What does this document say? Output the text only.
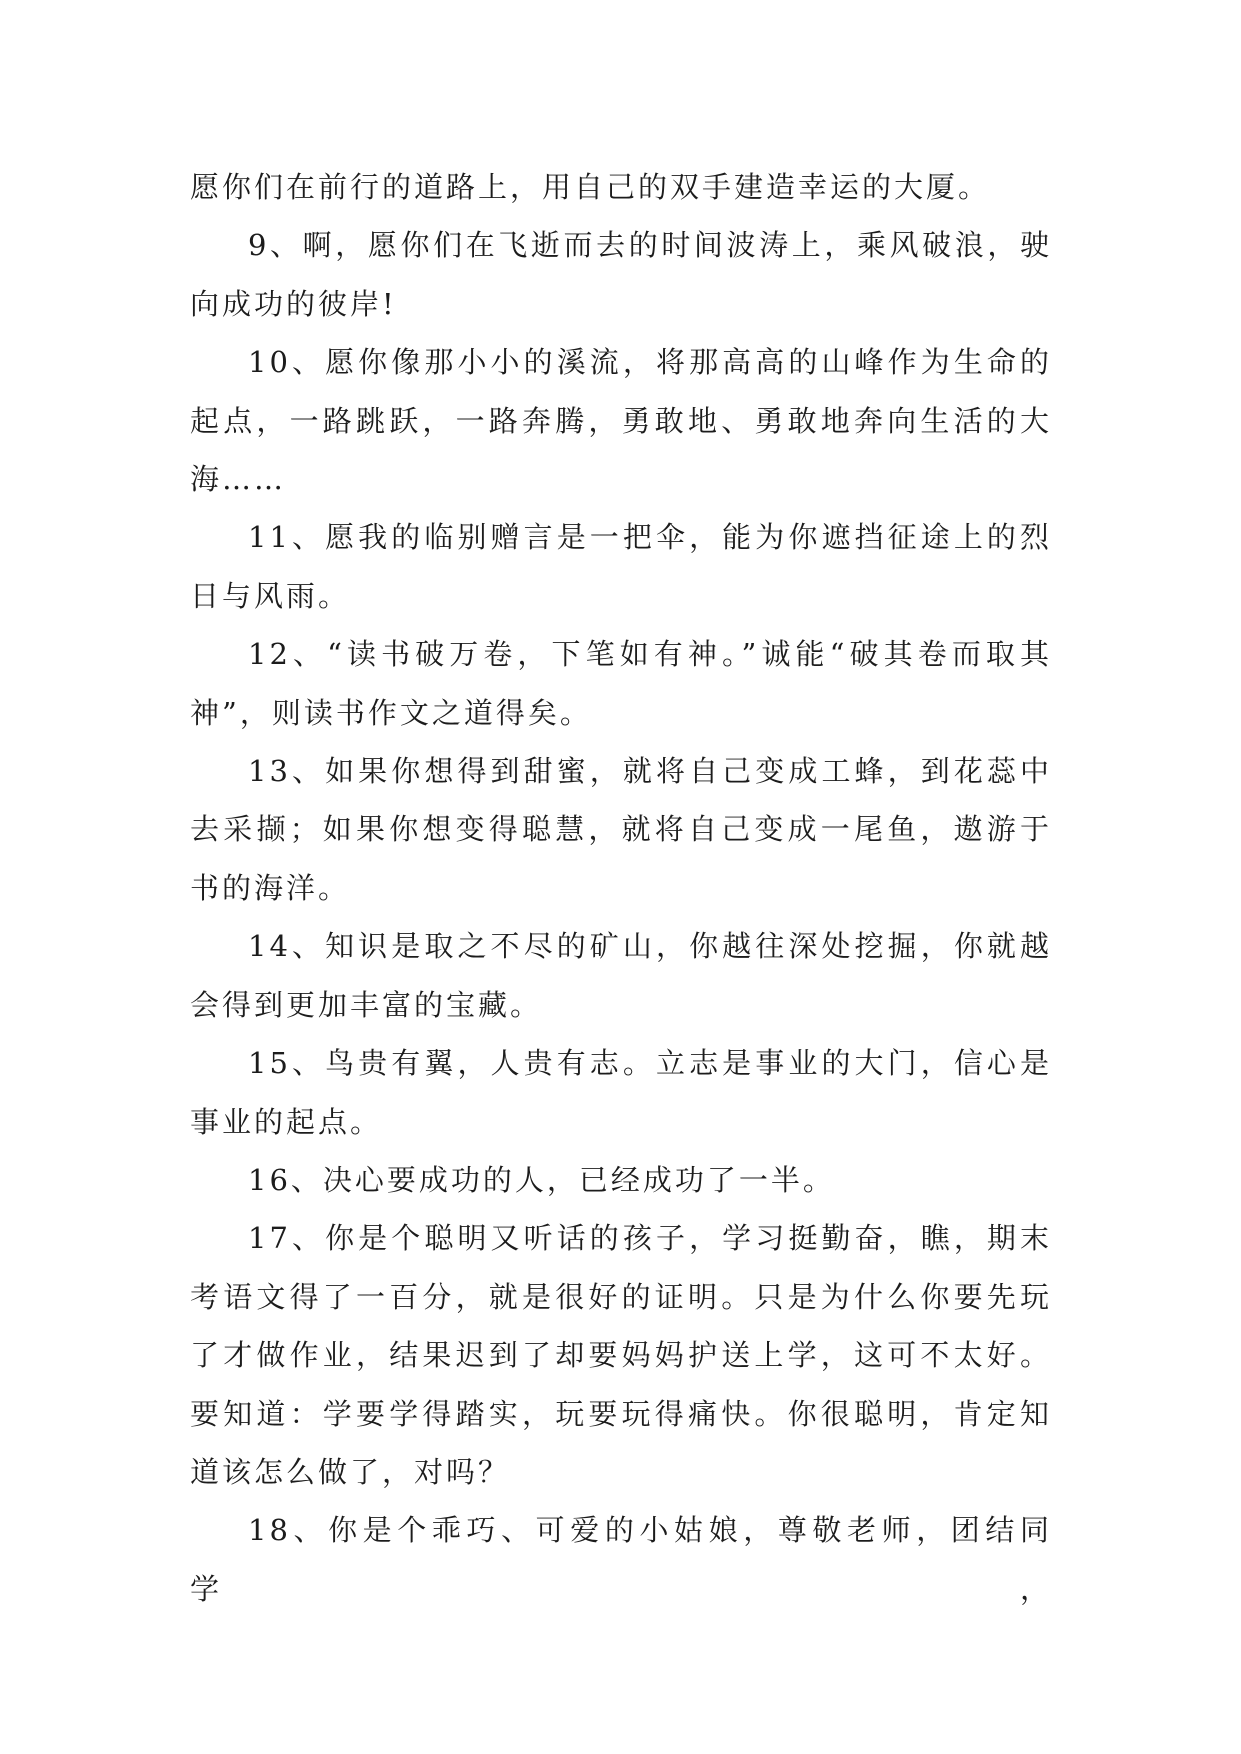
愿你们在前行的道路上，用自己的双手建造幸运的大厦。

9、啊，愿你们在飞逝而去的时间波涛上，乘风破浪，驶向成功的彼岸!

10、愿你像那小小的溪流，将那高高的山峰作为生命的起点，一路跳跃，一路奔腾，勇敢地、勇敢地奔向生活的大海……

11、愿我的临别赠言是一把伞，能为你遮挡征途上的烈日与风雨。

12、“读书破万卷，下笔如有神。”诚能“破其卷而取其神”，则读书作文之道得矣。

13、如果你想得到甜蜜，就将自己变成工蜂，到花蕊中去采撷；如果你想变得聪慧，就将自己变成一尾鱼，遨游于书的海洋。

14、知识是取之不尽的矿山，你越往深处挖掘，你就越会得到更加丰富的宝藏。

15、鸟贵有翼，人贵有志。立志是事业的大门，信心是事业的起点。

16、决心要成功的人，已经成功了一半。

17、你是个聪明又听话的孩子，学习挺勤奋，瞧，期末考语文得了一百分，就是很好的证明。只是为什么你要先玩了才做作业，结果迟到了却要妈妈护送上学，这可不太好。要知道：学要学得踏实，玩要玩得痛快。你很聪明，肯定知道该怎么做了，对吗？

18、你是个乖巧、可爱的小姑娘，尊敬老师，团结同学，
